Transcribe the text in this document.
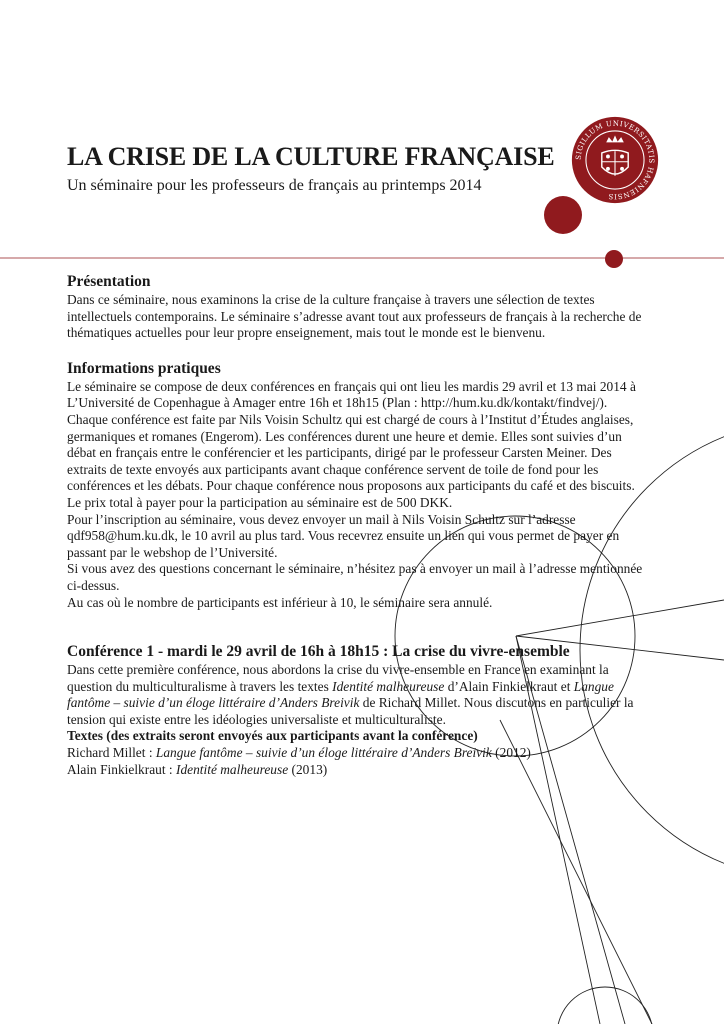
SIGILLUM UNIVERSITATIS HAFNIENSIS
LA CRISE DE LA CULTURE FRANÇAISE

Un séminaire pour les professeurs de français au printemps 2014

Présentation

Dans ce séminaire, nous examinons la crise de la culture française à travers une sélection de textes intellectuels contemporains. Le séminaire s’adresse avant tout aux professeurs de français à la recherche de thématiques actuelles pour leur propre enseignement, mais tout le monde est le bienvenu.

Informations pratiques

Le séminaire se compose de deux conférences en français qui ont lieu les mardis 29 avril et 13 mai 2014 à L’Université de Copenhague à Amager entre 16h et 18h15 (Plan : http://hum.ku.dk/kontakt/findvej/). Chaque conférence est faite par Nils Voisin Schultz qui est chargé de cours à l’Institut d’Études anglaises, germaniques et romanes (Engerom). Les conférences durent une heure et demie. Elles sont suivies d’un débat en français entre le conférencier et les participants, dirigé par le professeur Carsten Meiner. Des extraits de texte envoyés aux participants avant chaque conférence servent de toile de fond pour les conférences et les débats. Pour chaque conférence nous proposons aux participants du café et des biscuits.

Le prix total à payer pour la participation au séminaire est de 500 DKK.

Pour l’inscription au séminaire, vous devez envoyer un mail à Nils Voisin Schultz sur l’adresse qdf958@hum.ku.dk, le 10 avril au plus tard. Vous recevrez ensuite un lien qui vous permet de payer en passant par le webshop de l’Université.

Si vous avez des questions concernant le séminaire, n’hésitez pas à envoyer un mail à l’adresse mentionnée ci-dessus.

Au cas où le nombre de participants est inférieur à 10, le séminaire sera annulé.

Conférence 1 - mardi le 29 avril de 16h à 18h15 : La crise du vivre-ensemble

Dans cette première conférence, nous abordons la crise du vivre-ensemble en France en examinant la question du multiculturalisme à travers les textes Identité malheureuse d’Alain Finkielkraut et Langue fantôme – suivie d’un éloge littéraire d’Anders Breivik de Richard Millet. Nous discutons en particulier la tension qui existe entre les idéologies universaliste et multiculturaliste.

Textes (des extraits seront envoyés aux participants avant la conférence)

Richard Millet : Langue fantôme – suivie d’un éloge littéraire d’Anders Breivik (2012)

Alain Finkielkraut : Identité malheureuse (2013)
